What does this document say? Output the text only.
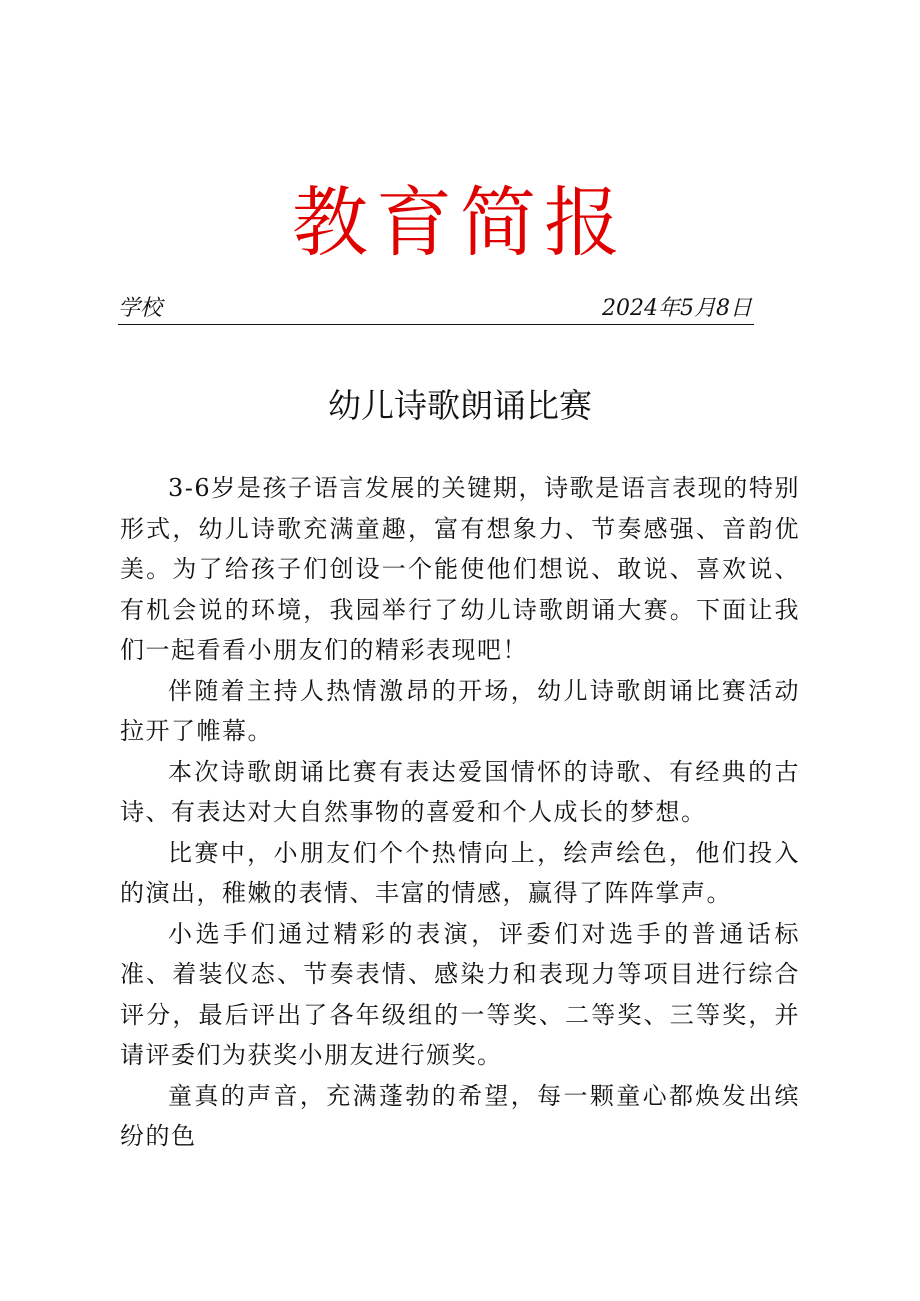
教育简报
学校	2024年5月8日
幼儿诗歌朗诵比赛

3-6岁是孩子语言发展的关键期，诗歌是语言表现的特别形式，幼儿诗歌充满童趣，富有想象力、节奏感强、音韵优美。为了给孩子们创设一个能使他们想说、敢说、喜欢说、有机会说的环境，我园举行了幼儿诗歌朗诵大赛。下面让我们一起看看小朋友们的精彩表现吧！

伴随着主持人热情激昂的开场，幼儿诗歌朗诵比赛活动拉开了帷幕。

本次诗歌朗诵比赛有表达爱国情怀的诗歌、有经典的古诗、有表达对大自然事物的喜爱和个人成长的梦想。

比赛中，小朋友们个个热情向上，绘声绘色，他们投入的演出，稚嫩的表情、丰富的情感，赢得了阵阵掌声。

小选手们通过精彩的表演，评委们对选手的普通话标准、着装仪态、节奏表情、感染力和表现力等项目进行综合评分，最后评出了各年级组的一等奖、二等奖、三等奖，并请评委们为获奖小朋友进行颁奖。

童真的声音，充满蓬勃的希望，每一颗童心都焕发出缤纷的色
